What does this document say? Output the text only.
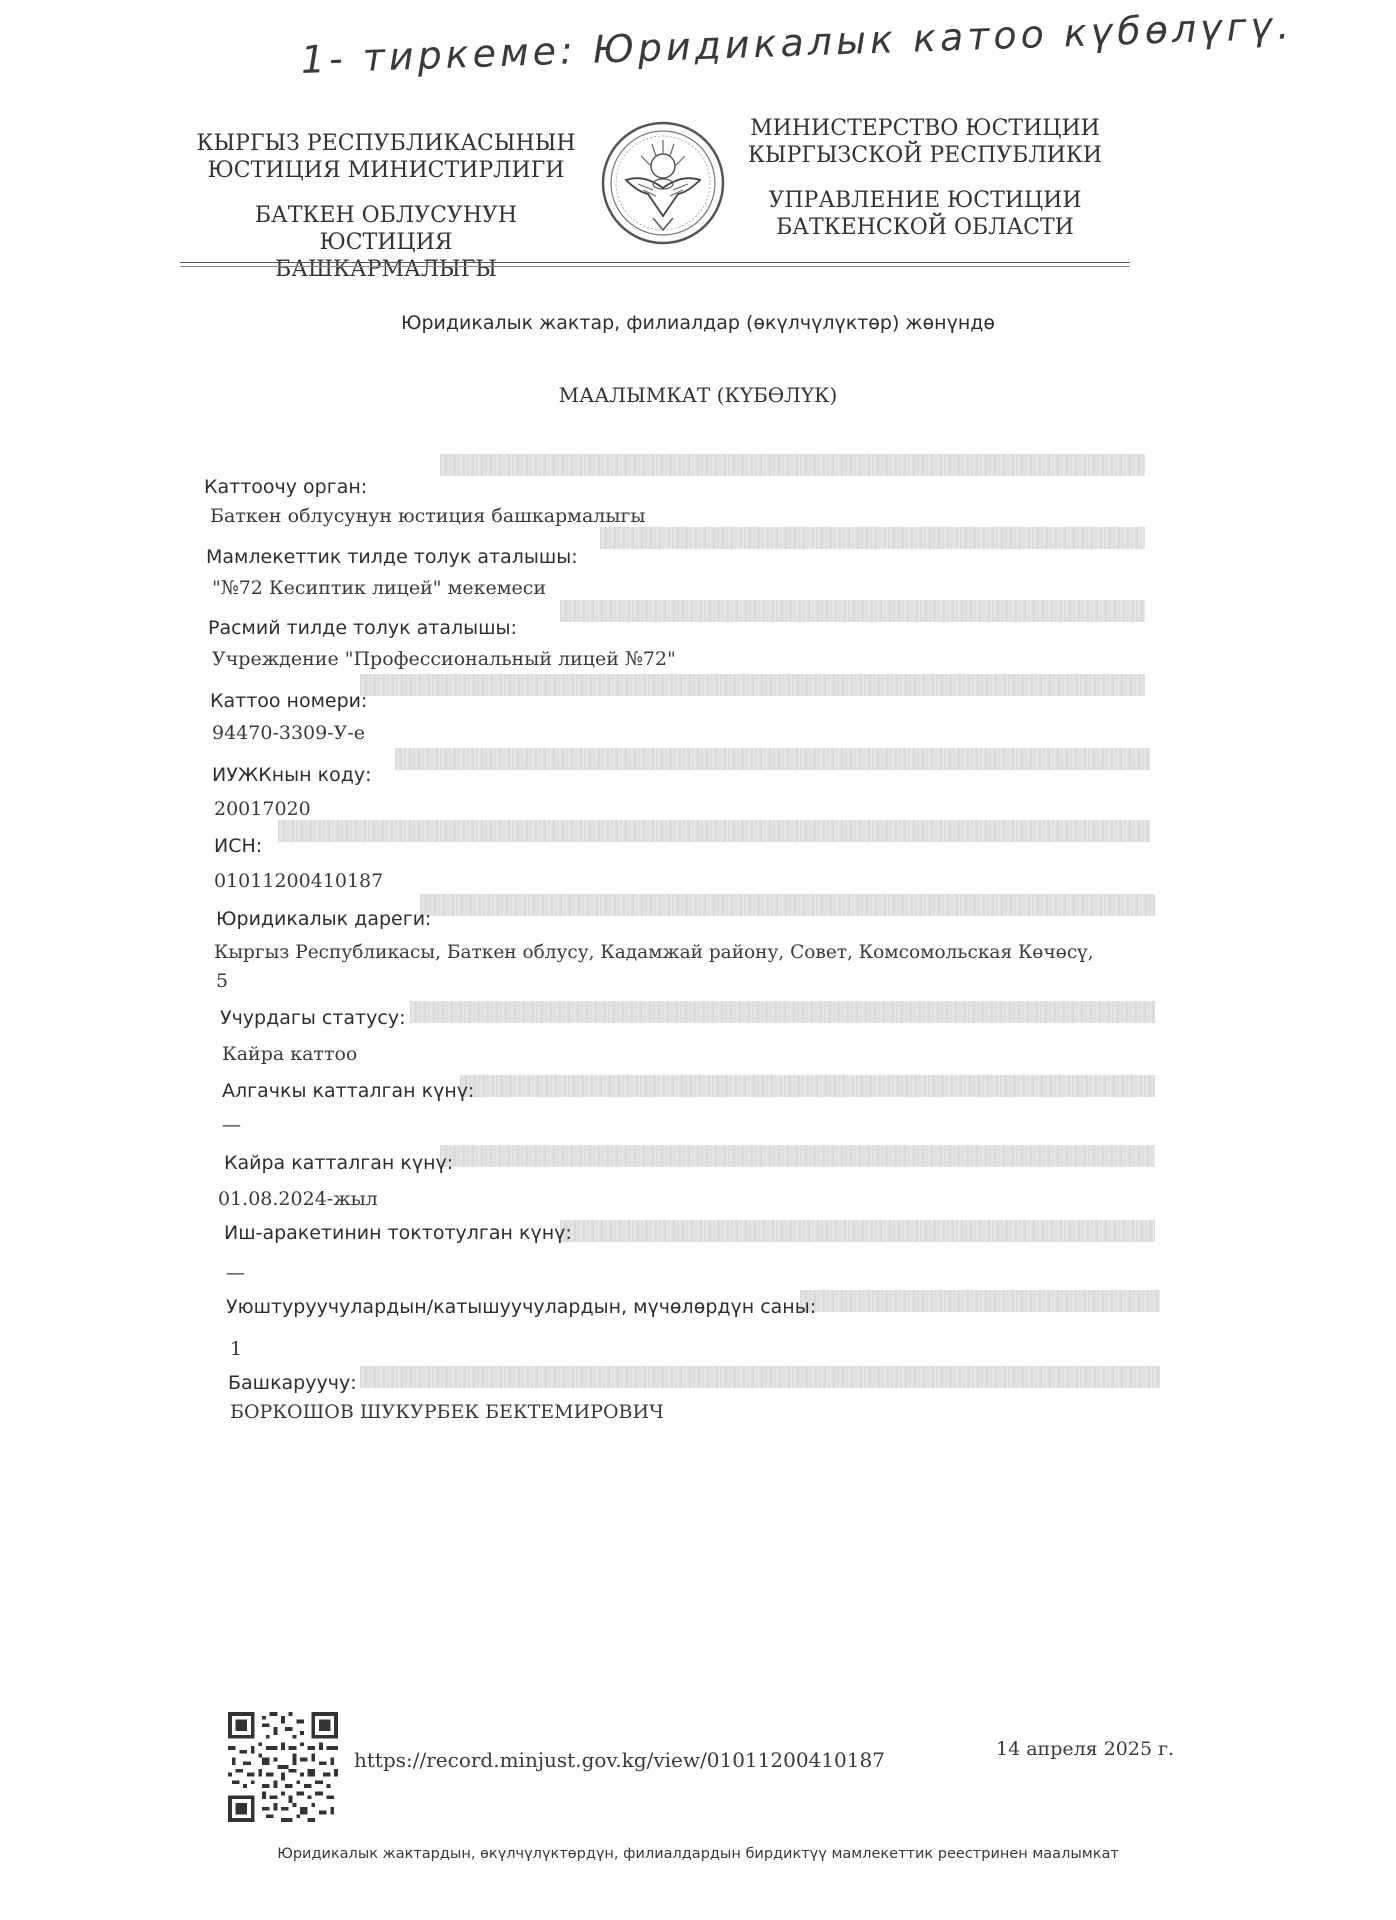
1- тиркеме: Юридикалык катоо күбөлүгү.
КЫРГЫЗ РЕСПУБЛИКАСЫНЫН
ЮСТИЦИЯ МИНИСТИРЛИГИ
БАТКЕН ОБЛУСУНУН ЮСТИЦИЯ
БАШКАРМАЛЫГЫ
МИНИСТЕРСТВО ЮСТИЦИИ
КЫРГЫЗСКОЙ РЕСПУБЛИКИ
УПРАВЛЕНИЕ ЮСТИЦИИ
БАТКЕНСКОЙ ОБЛАСТИ
Юридикалык жактар, филиалдар (өкүлчүлүктөр) жөнүндө
МААЛЫМКАТ (КҮБӨЛҮК)
Каттоочу орган:
Баткен облусунун юстиция башкармалыгы
Мамлекеттик тилде толук аталышы:
"№72 Кесиптик лицей" мекемеси
Расмий тилде толук аталышы:
Учреждение "Профессиональный лицей №72"
Каттоо номери:
94470-3309-У-е
ИУЖКнын коду:
20017020
ИСН:
01011200410187
Юридикалык дареги:
Кыргыз Республикасы, Баткен облусу, Кадамжай району, Совет, Комсомольская Көчөсү,
5
Учурдагы статусу:
Кайра каттоо
Алгачкы катталган күнү:
—
Кайра катталган күнү:
01.08.2024-жыл
Иш-аракетинин токтотулган күнү:
—
Уюштуруучулардын/катышуучулардын, мүчөлөрдүн саны:
1
Башкаруучу:
БОРКОШОВ ШУКУРБЕК БЕКТЕМИРОВИЧ
https://record.minjust.gov.kg/view/01011200410187	14 апреля 2025 г.
Юридикалык жактардын, өкүлчүлүктөрдүн, филиалдардын бирдиктүү мамлекеттик реестринен маалымкат
